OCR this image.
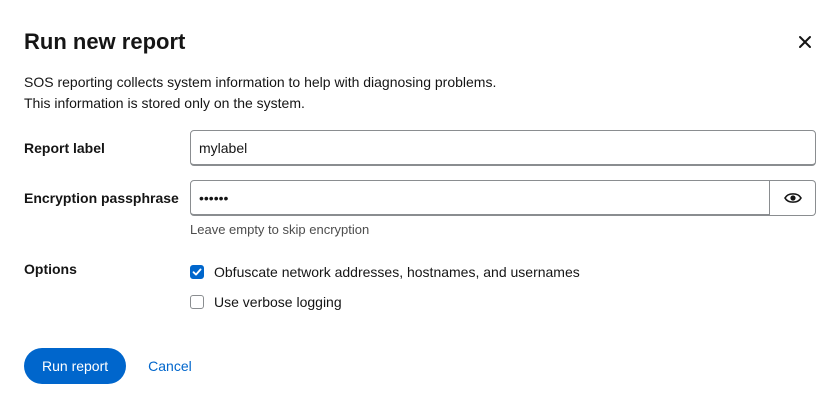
Run new report

SOS reporting collects system information to help with diagnosing problems.

This information is stored only on the system.

Report label
mylabel
Encryption passphrase
••••••
Leave empty to skip encryption
Options	Obfuscate network addresses, hostnames, and usernames
Use verbose logging
Run report	Cancel
